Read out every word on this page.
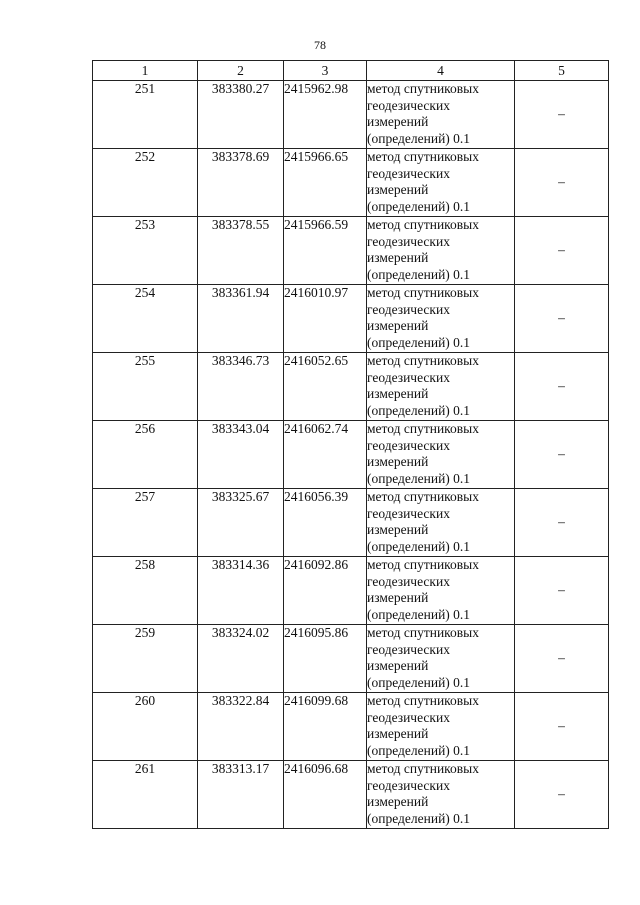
78
1	2	3	4	5
251	383380.27	2415962.98	метод спутниковых
геодезических
измерений
(определений) 0.1	–
252	383378.69	2415966.65	метод спутниковых
геодезических
измерений
(определений) 0.1	–
253	383378.55	2415966.59	метод спутниковых
геодезических
измерений
(определений) 0.1	–
254	383361.94	2416010.97	метод спутниковых
геодезических
измерений
(определений) 0.1	–
255	383346.73	2416052.65	метод спутниковых
геодезических
измерений
(определений) 0.1	–
256	383343.04	2416062.74	метод спутниковых
геодезических
измерений
(определений) 0.1	–
257	383325.67	2416056.39	метод спутниковых
геодезических
измерений
(определений) 0.1	–
258	383314.36	2416092.86	метод спутниковых
геодезических
измерений
(определений) 0.1	–
259	383324.02	2416095.86	метод спутниковых
геодезических
измерений
(определений) 0.1	–
260	383322.84	2416099.68	метод спутниковых
геодезических
измерений
(определений) 0.1	–
261	383313.17	2416096.68	метод спутниковых
геодезических
измерений
(определений) 0.1	–
